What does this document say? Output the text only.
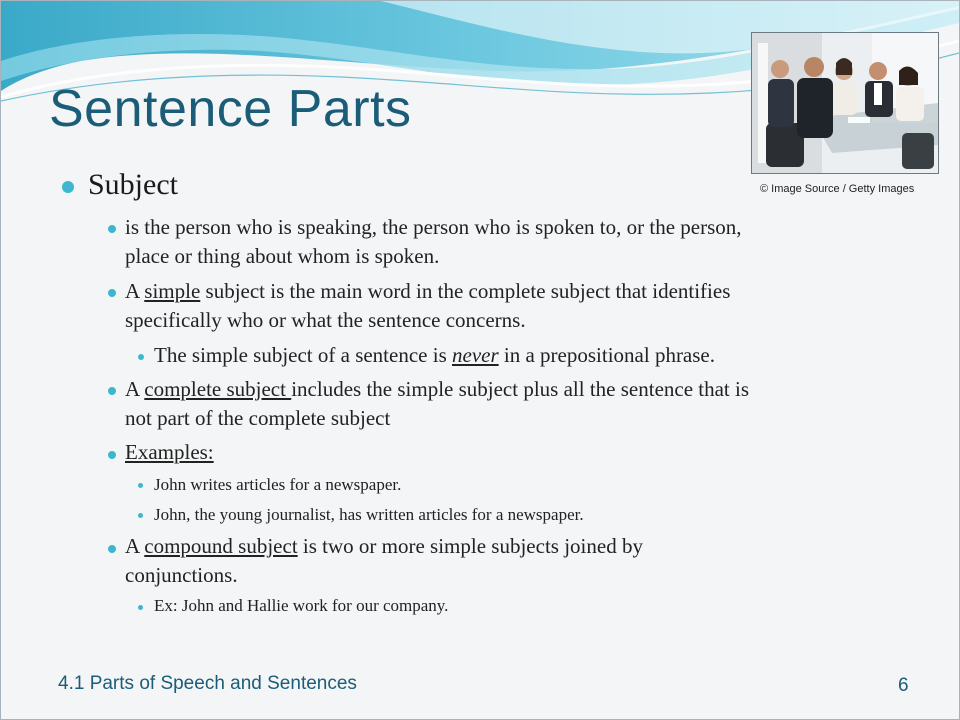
Sentence Parts
© Image Source / Getty Images
Subject
is the person who is speaking, the person who is spoken to, or the person,
place or thing about whom is spoken.
A simple subject is the main word in the complete subject that identifies
specifically who or what the sentence concerns.
The simple subject of a sentence is never in a prepositional phrase.
A complete subject includes the simple subject plus all the sentence that is
not part of the complete subject
Examples:
John writes articles for a newspaper.
John, the young journalist, has written articles for a newspaper.
A compound subject is two or more simple subjects joined by
conjunctions.
Ex: John and Hallie work for our company.
4.1 Parts of Speech and Sentences	6
